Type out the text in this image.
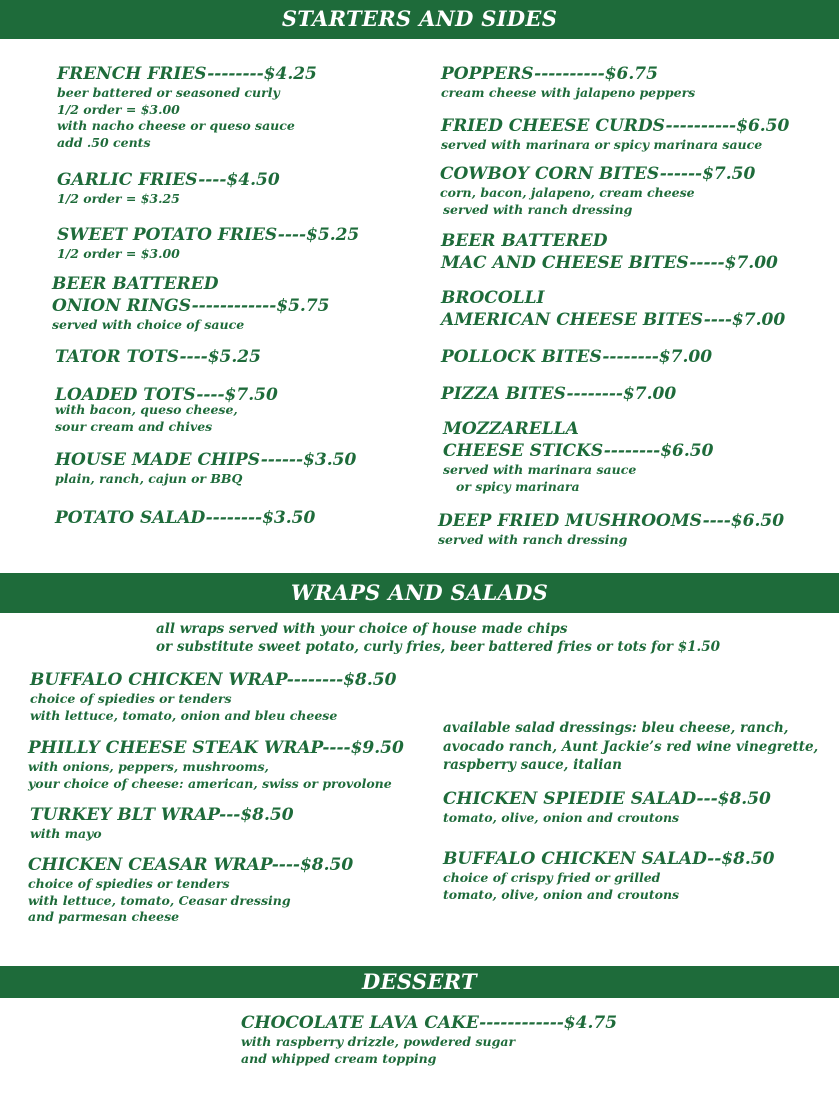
STARTERS AND SIDES
FRENCH FRIES--------$4.25
beer battered or seasoned curly
1/2 order = $3.00
with nacho cheese or queso sauce
add .50 cents
GARLIC FRIES----$4.50
1/2 order = $3.25
SWEET POTATO FRIES----$5.25
1/2 order = $3.00
BEER BATTERED
ONION RINGS------------$5.75
served with choice of sauce
TATOR TOTS----$5.25
LOADED TOTS----$7.50
with bacon, queso cheese,
sour cream and chives
HOUSE MADE CHIPS------$3.50
plain, ranch, cajun or BBQ
POTATO SALAD--------$3.50
POPPERS----------$6.75
cream cheese with jalapeno peppers
FRIED CHEESE CURDS----------$6.50
served with marinara or spicy marinara sauce
COWBOY CORN BITES------$7.50
corn, bacon, jalapeno, cream cheese
served with ranch dressing
BEER BATTERED
MAC AND CHEESE BITES-----$7.00
BROCOLLI
AMERICAN CHEESE BITES----$7.00
POLLOCK BITES--------$7.00
PIZZA BITES--------$7.00
MOZZARELLA
CHEESE STICKS--------$6.50
served with marinara sauce
or spicy marinara
DEEP FRIED MUSHROOMS----$6.50
served with ranch dressing
WRAPS AND SALADS
all wraps served with your choice of house made chips
or substitute sweet potato, curly fries, beer battered fries or tots for $1.50
BUFFALO CHICKEN WRAP--------$8.50
choice of spiedies or tenders
with lettuce, tomato, onion and bleu cheese
PHILLY CHEESE STEAK WRAP----$9.50
with onions, peppers, mushrooms,
your choice of cheese: american, swiss or provolone
TURKEY BLT WRAP---$8.50
with mayo
CHICKEN CEASAR WRAP----$8.50
choice of spiedies or tenders
with lettuce, tomato, Ceasar dressing
and parmesan cheese
available salad dressings: bleu cheese, ranch,
avocado ranch, Aunt Jackie’s red wine vinegrette,
raspberry sauce, italian
CHICKEN SPIEDIE SALAD---$8.50
tomato, olive, onion and croutons
BUFFALO CHICKEN SALAD--$8.50
choice of crispy fried or grilled
tomato, olive, onion and croutons
DESSERT
CHOCOLATE LAVA CAKE------------$4.75
with raspberry drizzle, powdered sugar
and whipped cream topping
